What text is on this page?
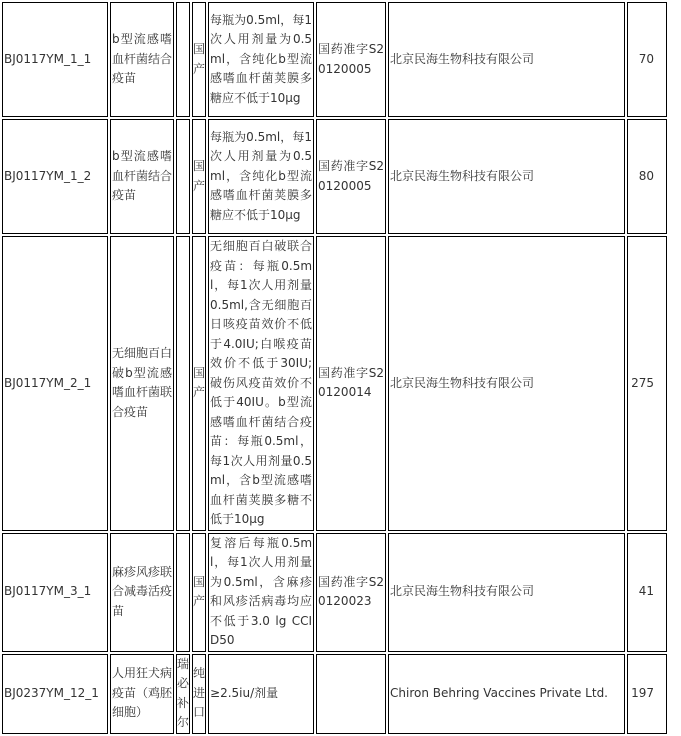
BJ0117YM_1_1	b型流感嗜血杆菌结合疫苗		国产	每瓶为0.5ml，每1次人用剂量为0.5ml，含纯化b型流感嗜血杆菌荚膜多糖应不低于10μg	国药准字S20120005	北京民海生物科技有限公司	70
BJ0117YM_1_2	b型流感嗜血杆菌结合疫苗		国产	每瓶为0.5ml，每1次人用剂量为0.5ml，含纯化b型流感嗜血杆菌荚膜多糖应不低于10μg	国药准字S20120005	北京民海生物科技有限公司	80
BJ0117YM_2_1	无细胞百白破b型流感嗜血杆菌联合疫苗		国产	无细胞百白破联合疫苗：每瓶0.5ml，每1次人用剂量0.5ml,含无细胞百日咳疫苗效价不低于4.0IU;白喉疫苗效价不低于30IU;破伤风疫苗效价不低于40IU。b型流感嗜血杆菌结合疫苗：每瓶0.5ml，每1次人用剂量0.5ml，含b型流感嗜血杆菌荚膜多糖不低于10μg	国药准字S20120014	北京民海生物科技有限公司	275
BJ0117YM_3_1	麻疹风疹联合减毒活疫苗		国产	复溶后每瓶0.5ml，每1次人用剂量为0.5ml，含麻疹和风疹活病毒均应不低于3.0 lg CCID50	国药准字S20120023	北京民海生物科技有限公司	41
BJ0237YM_12_1	人用狂犬病疫苗（鸡胚细胞）	瑞必补尔	纯进口	≥2.5iu/剂量		Chiron Behring Vaccines Private Ltd.	197
